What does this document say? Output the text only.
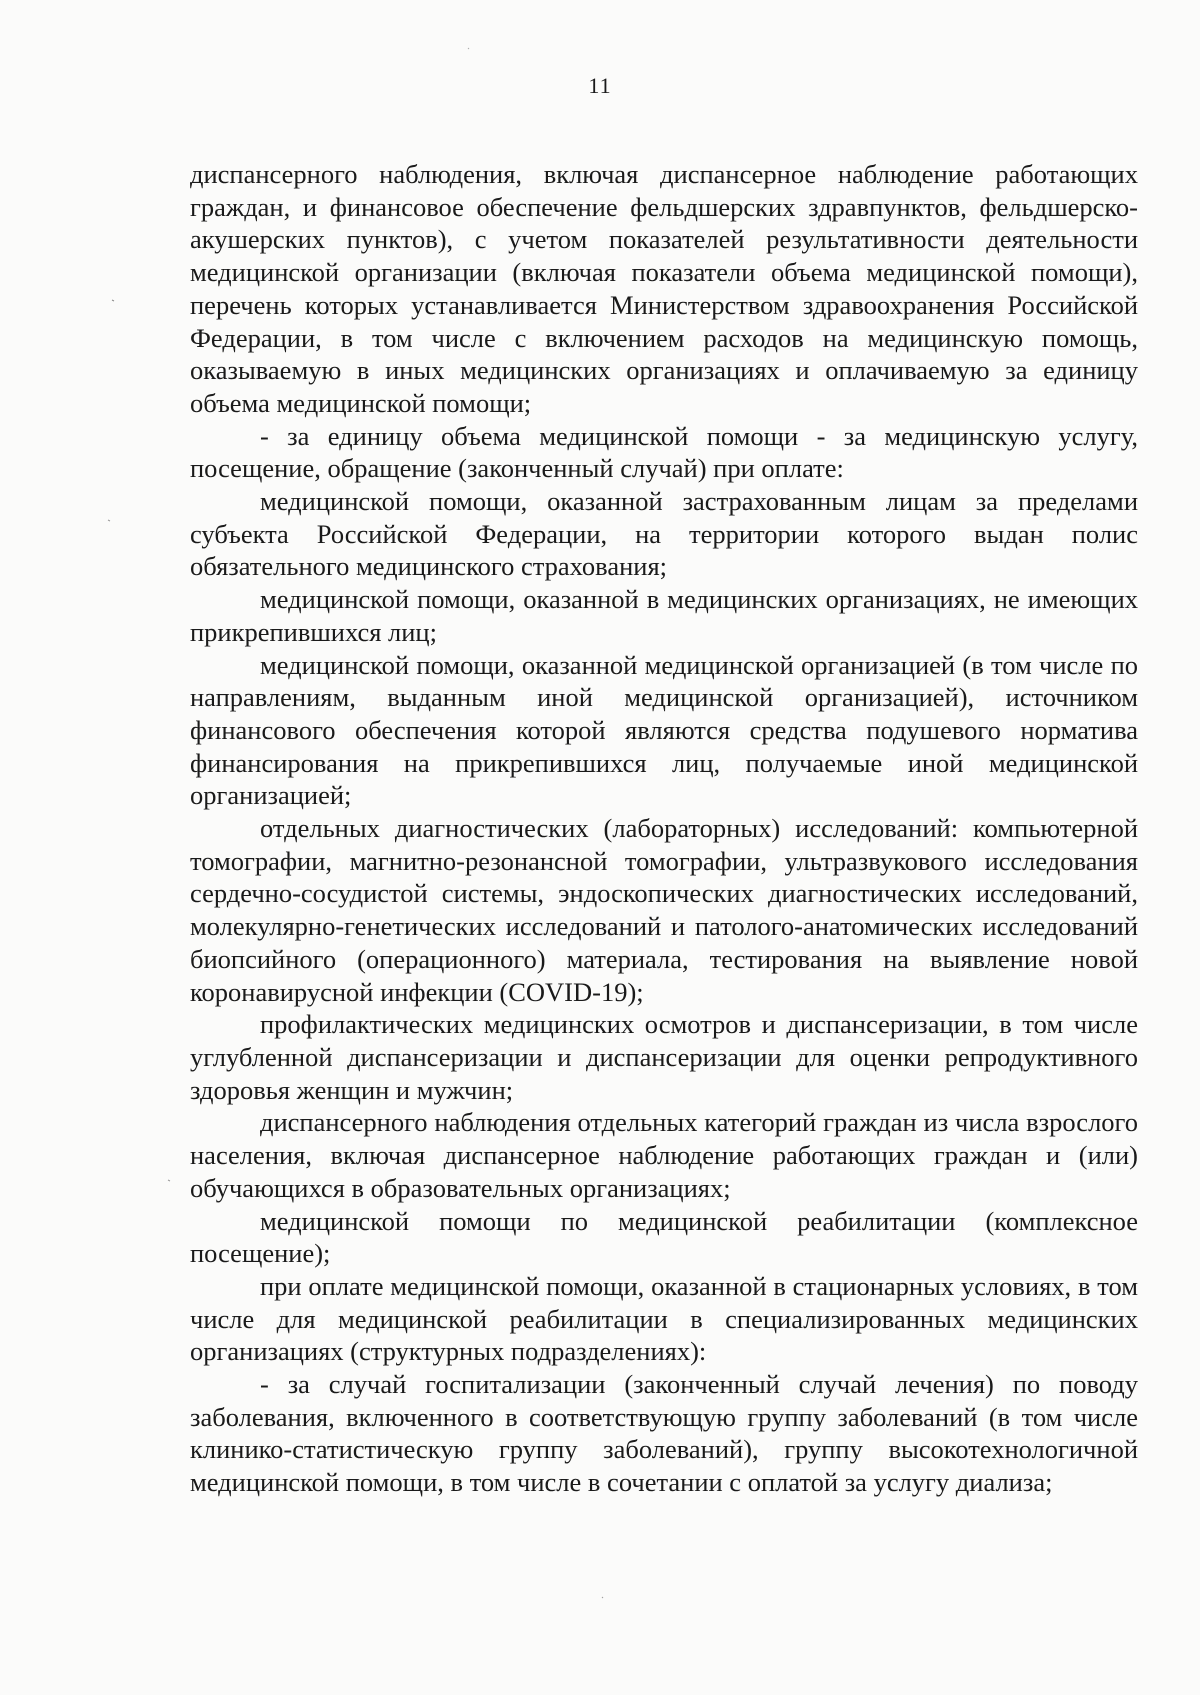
11

диспансерного наблюдения, включая диспансерное наблюдение работающих граждан, и финансовое обеспечение фельдшерских здравпунктов, фельдшерско-акушерских пунктов), с учетом показателей результативности деятельности медицинской организации (включая показатели объема медицинской помощи), перечень которых устанавливается Министерством здравоохранения Российской Федерации, в том числе с включением расходов на медицинскую помощь, оказываемую в иных медицинских организациях и оплачиваемую за единицу объема медицинской помощи;

- за единицу объема медицинской помощи - за медицинскую услугу, посещение, обращение (законченный случай) при оплате:

медицинской помощи, оказанной застрахованным лицам за пределами субъекта Российской Федерации, на территории которого выдан полис обязательного медицинского страхования;

медицинской помощи, оказанной в медицинских организациях, не имеющих прикрепившихся лиц;

медицинской помощи, оказанной медицинской организацией (в том числе по направлениям, выданным иной медицинской организацией), источником финансового обеспечения которой являются средства подушевого норматива финансирования на прикрепившихся лиц, получаемые иной медицинской организацией;

отдельных диагностических (лабораторных) исследований: компьютерной томографии, магнитно-резонансной томографии, ультразвукового исследования сердечно-сосудистой системы, эндоскопических диагностических исследований, молекулярно-генетических исследований и патолого-анатомических исследований биопсийного (операционного) материала, тестирования на выявление новой коронавирусной инфекции (COVID-19);

профилактических медицинских осмотров и диспансеризации, в том числе углубленной диспансеризации и диспансеризации для оценки репродуктивного здоровья женщин и мужчин;

диспансерного наблюдения отдельных категорий граждан из числа взрослого населения, включая диспансерное наблюдение работающих граждан и (или) обучающихся в образовательных организациях;

медицинской помощи по медицинской реабилитации (комплексное посещение);

при оплате медицинской помощи, оказанной в стационарных условиях, в том числе для медицинской реабилитации в специализированных медицинских организациях (структурных подразделениях):

- за случай госпитализации (законченный случай лечения) по поводу заболевания, включенного в соответствующую группу заболеваний (в том числе клинико-статистическую группу заболеваний), группу высокотехнологичной медицинской помощи, в том числе в сочетании с оплатой за услугу диализа;
